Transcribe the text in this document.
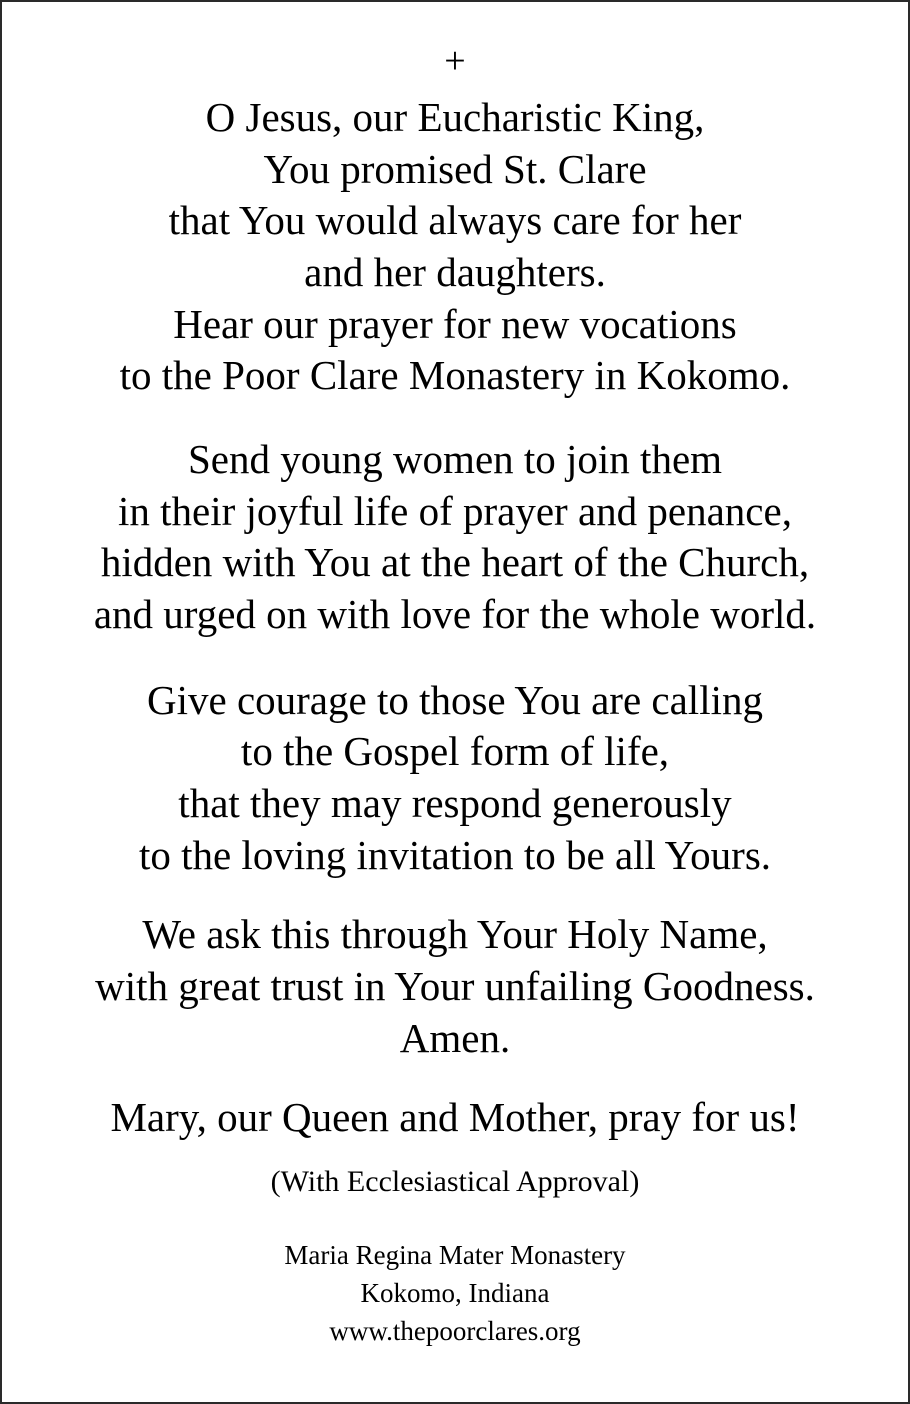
+
O Jesus, our Eucharistic King,
You promised St. Clare
that You would always care for her
and her daughters.
Hear our prayer for new vocations
to the Poor Clare Monastery in Kokomo.
Send young women to join them
in their joyful life of prayer and penance,
hidden with You at the heart of the Church,
and urged on with love for the whole world.
Give courage to those You are calling
to the Gospel form of life,
that they may respond generously
to the loving invitation to be all Yours.
We ask this through Your Holy Name,
with great trust in Your unfailing Goodness.
Amen.
Mary, our Queen and Mother, pray for us!
(With Ecclesiastical Approval)
Maria Regina Mater Monastery
Kokomo, Indiana
www.thepoorclares.org
